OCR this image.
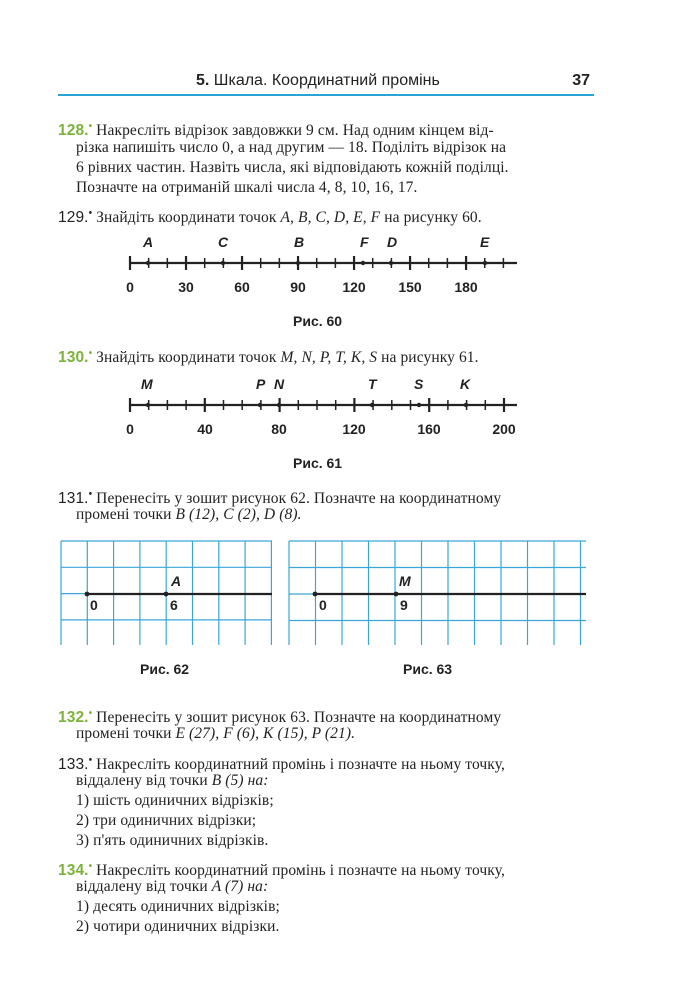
5. Шкала. Координатний промінь	37
128.• Накресліть відрізок завдовжки 9 см. Над одним кінцем від-
різка напишіть число 0, а над другим — 18. Поділіть відрізок на
6 рівних частин. Назвіть числа, які відповідають кожній поділці.
Позначте на отриманій шкалі числа 4, 8, 10, 16, 17.
129.• Знайдіть координати точок A, B, C, D, E, F на рисунку 60.
A	C	B	F D	E
0	30	60	90	120 150 180
Рис. 60
130.• Знайдіть координати точок M, N, P, T, K, S на рисунку 61.
M	P N	T	S	K
0	40	80	120	160	200
Рис. 61
131.• Перенесіть у зошит рисунок 62. Позначте на координатному
промені точки B (12), C (2), D (8).
A
0	6
Рис. 62
M
0	9
Рис. 63
132.• Перенесіть у зошит рисунок 63. Позначте на координатному
промені точки E (27), F (6), K (15), P (21).
133.• Накресліть координатний промінь і позначте на ньому точку,
віддалену від точки B (5) на:
1) шість одиничних відрізків;
2) три одиничних відрізки;
3) п'ять одиничних відрізків.
134.• Накресліть координатний промінь і позначте на ньому точку,
віддалену від точки A (7) на:
1) десять одиничних відрізків;
2) чотири одиничних відрізки.
